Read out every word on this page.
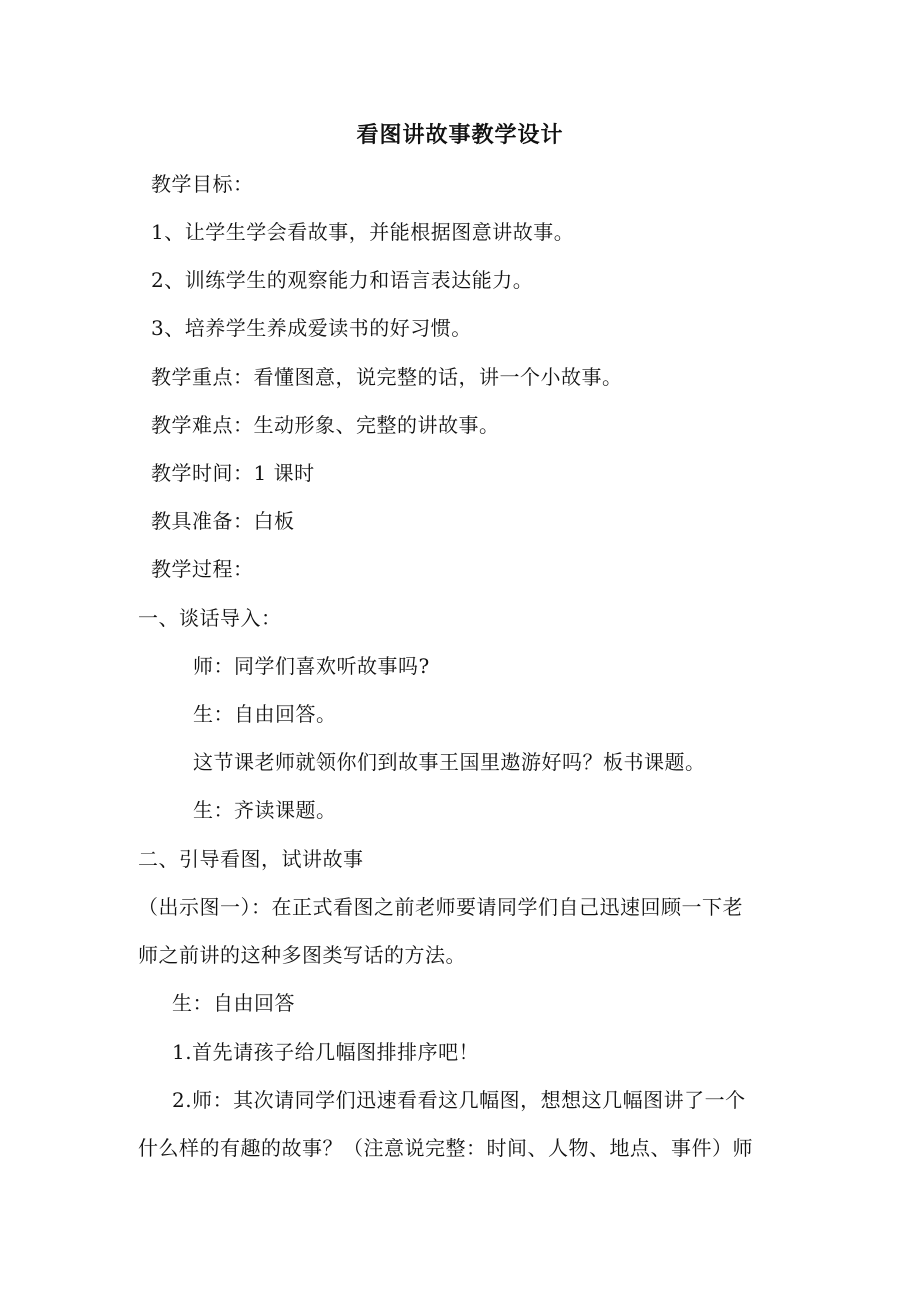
看图讲故事教学设计
教学目标：
1、让学生学会看故事，并能根据图意讲故事。
2、训练学生的观察能力和语言表达能力。
3、培养学生养成爱读书的好习惯。
教学重点：看懂图意，说完整的话，讲一个小故事。
教学难点：生动形象、完整的讲故事。
教学时间：1 课时
教具准备：白板
教学过程：
一、谈话导入：
师：同学们喜欢听故事吗?
生：自由回答。
这节课老师就领你们到故事王国里遨游好吗？板书课题。
生：齐读课题。
二、引导看图，试讲故事
（出示图一）：在正式看图之前老师要请同学们自己迅速回顾一下老
师之前讲的这种多图类写话的方法。
生：自由回答
1.首先请孩子给几幅图排排序吧！
2.师：其次请同学们迅速看看这几幅图，想想这几幅图讲了一个
什么样的有趣的故事？（注意说完整：时间、人物、地点、事件）师
